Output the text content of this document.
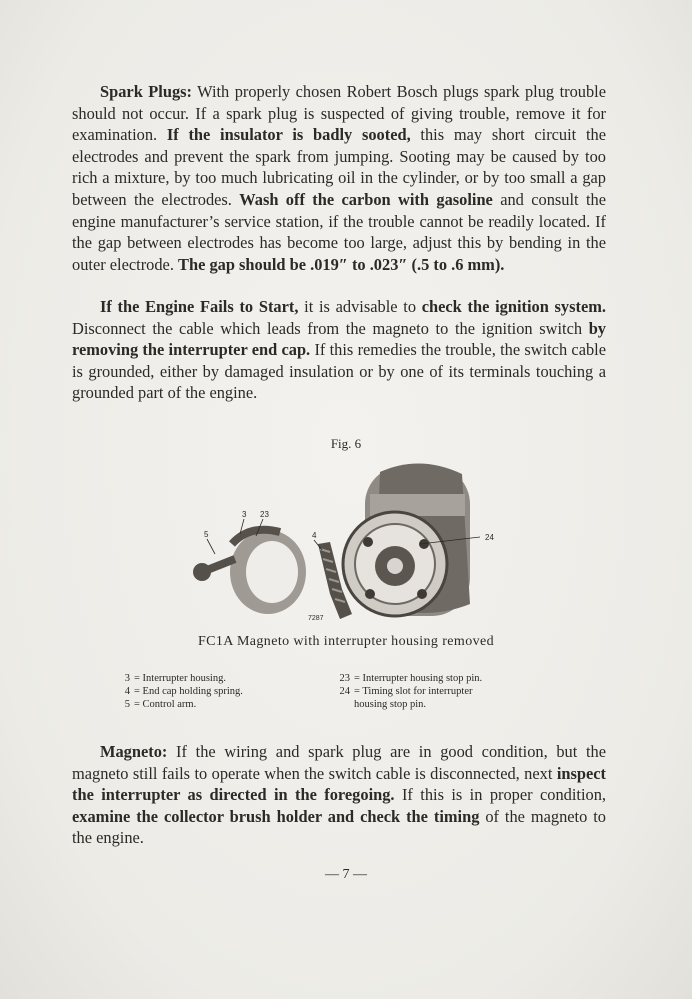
Spark Plugs: With properly chosen Robert Bosch plugs spark plug trouble should not occur. If a spark plug is suspected of giving trouble, remove it for examination. If the insulator is badly sooted, this may short circuit the electrodes and prevent the spark from jumping. Sooting may be caused by too rich a mixture, by too much lubricating oil in the cylinder, or by too small a gap between the electrodes. Wash off the carbon with gasoline and consult the engine manufacturer’s service station, if the trouble cannot be readily located. If the gap between electrodes has become too large, adjust this by bending in the outer electrode. The gap should be .019″ to .023″ (.5 to .6 mm).

If the Engine Fails to Start, it is advisable to check the ignition system. Disconnect the cable which leads from the magneto to the ignition switch by removing the interrupter end cap. If this remedies the trouble, the switch cable is grounded, either by damaged insulation or by one of its terminals touching a grounded part of the engine.

Fig. 6
3 23
5	4	24
7287
FC1A Magneto with interrupter housing removed
3 = Interrupter housing.
4 = End cap holding spring.
5 = Control arm.
23 = Interrupter housing stop pin.
24 = Timing slot for interrupter housing stop pin.

Magneto: If the wiring and spark plug are in good condition, but the magneto still fails to operate when the switch cable is disconnected, next inspect the interrupter as directed in the foregoing. If this is in proper condition, examine the collector brush holder and check the timing of the magneto to the engine.

— 7 —
